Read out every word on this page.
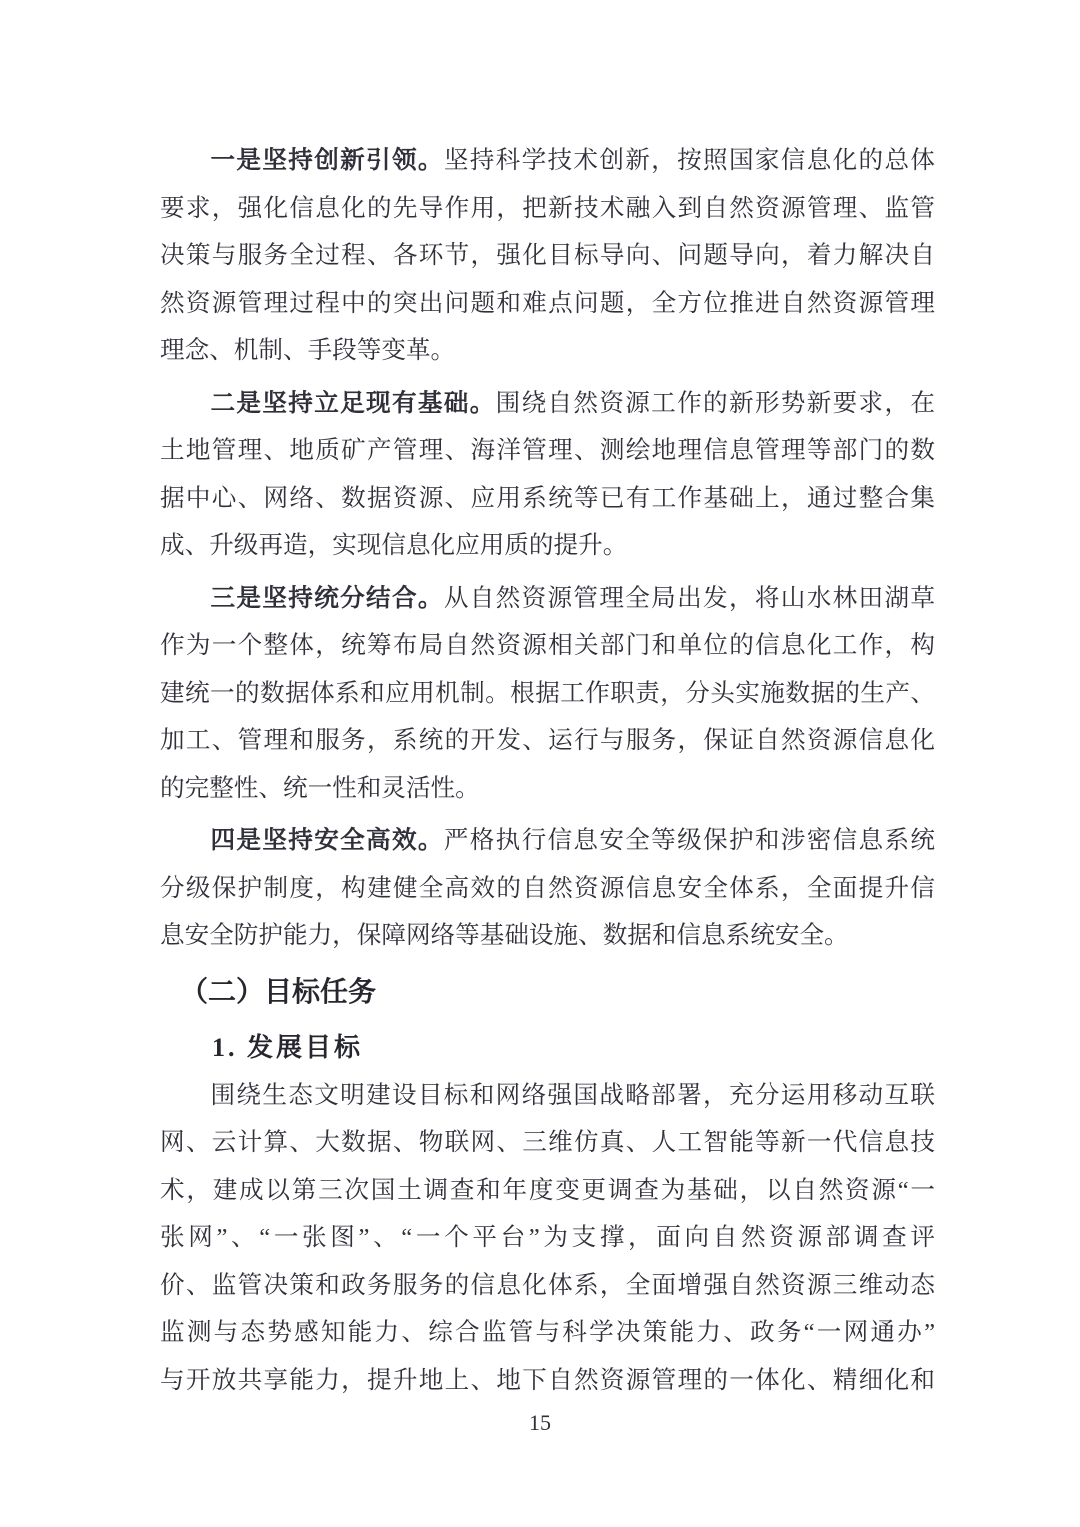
一是坚持创新引领。坚持科学技术创新，按照国家信息化的总体
要求，强化信息化的先导作用，把新技术融入到自然资源管理、监管
决策与服务全过程、各环节，强化目标导向、问题导向，着力解决自
然资源管理过程中的突出问题和难点问题，全方位推进自然资源管理
理念、机制、手段等变革。
二是坚持立足现有基础。围绕自然资源工作的新形势新要求，在
土地管理、地质矿产管理、海洋管理、测绘地理信息管理等部门的数
据中心、网络、数据资源、应用系统等已有工作基础上，通过整合集
成、升级再造，实现信息化应用质的提升。
三是坚持统分结合。从自然资源管理全局出发，将山水林田湖草
作为一个整体，统筹布局自然资源相关部门和单位的信息化工作，构
建统一的数据体系和应用机制。根据工作职责，分头实施数据的生产、
加工、管理和服务，系统的开发、运行与服务，保证自然资源信息化
的完整性、统一性和灵活性。
四是坚持安全高效。严格执行信息安全等级保护和涉密信息系统
分级保护制度，构建健全高效的自然资源信息安全体系，全面提升信
息安全防护能力，保障网络等基础设施、数据和信息系统安全。
（二）目标任务
1. 发展目标
围绕生态文明建设目标和网络强国战略部署，充分运用移动互联
网、云计算、大数据、物联网、三维仿真、人工智能等新一代信息技
术，建成以第三次国土调查和年度变更调查为基础，以自然资源“一
张网”、“一张图”、“一个平台”为支撑，面向自然资源部调查评
价、监管决策和政务服务的信息化体系，全面增强自然资源三维动态
监测与态势感知能力、综合监管与科学决策能力、政务“一网通办”
与开放共享能力，提升地上、地下自然资源管理的一体化、精细化和
15
